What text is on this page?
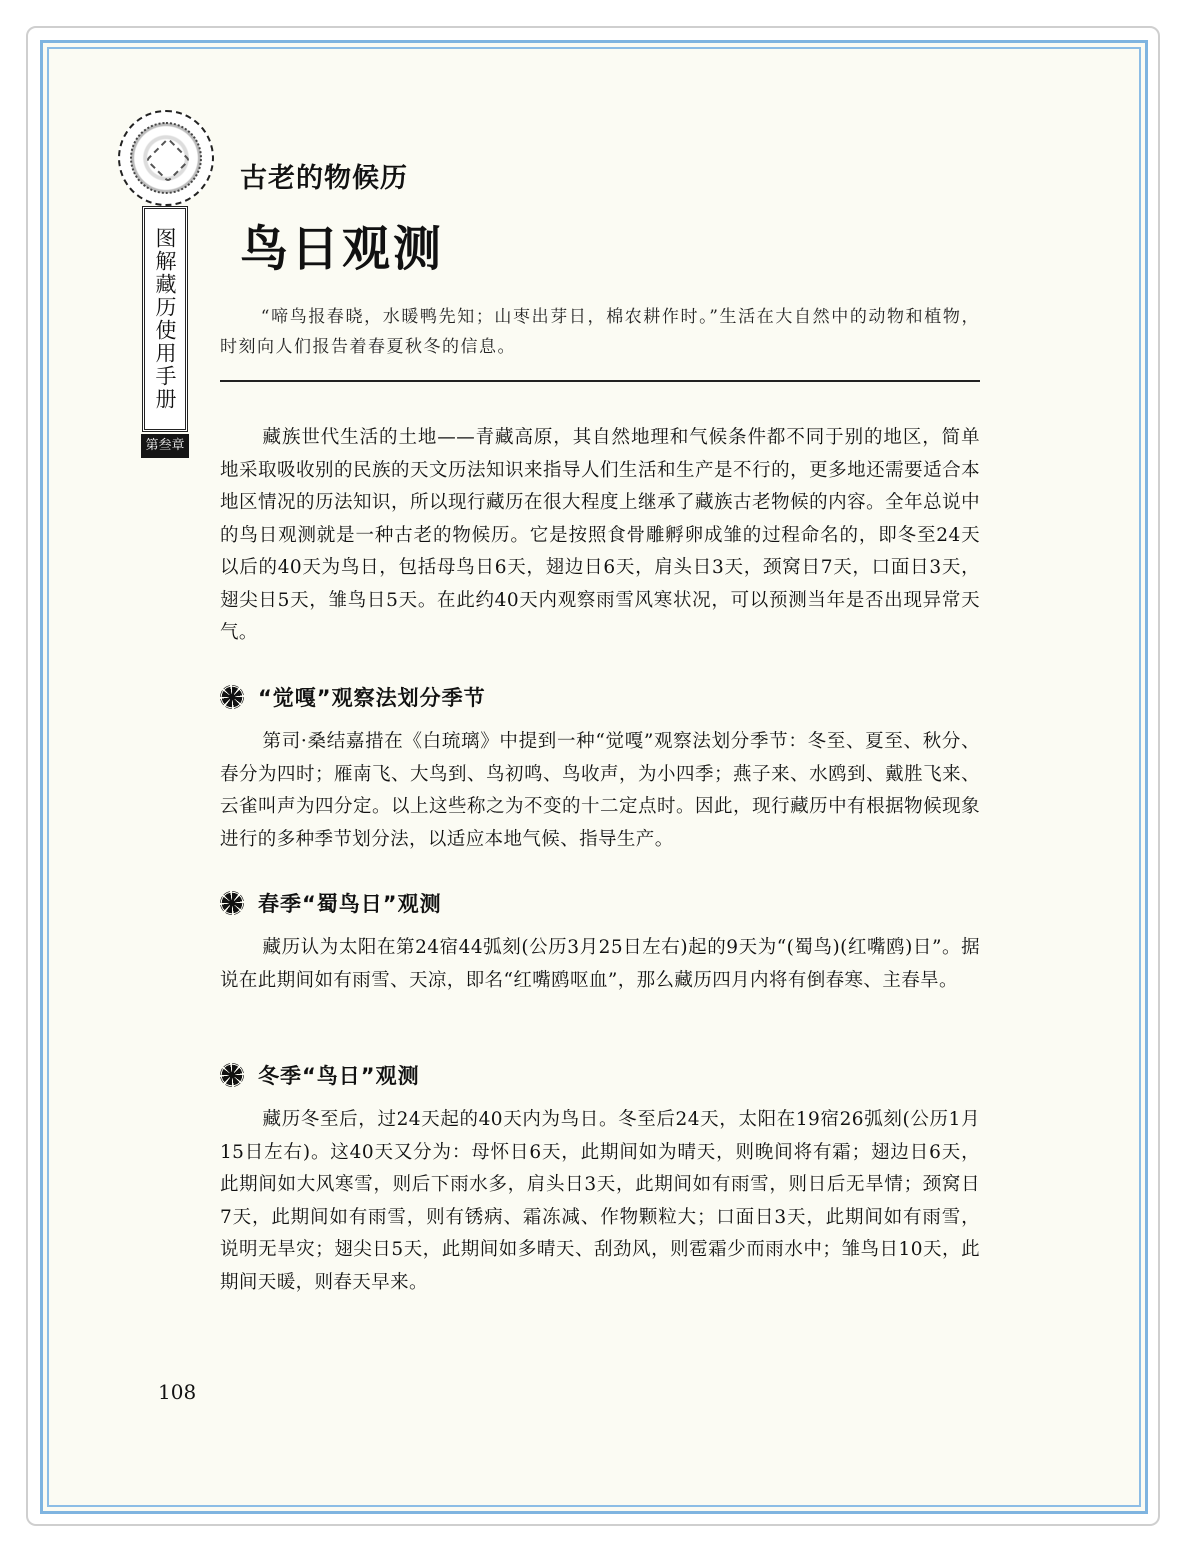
图解藏历使用手册
第叁章
古老的物候历
鸟日观测
“啼鸟报春晓，水暖鸭先知；山枣出芽日，棉农耕作时。”生活在大自然中的动物和植物，时刻向人们报告着春夏秋冬的信息。
藏族世代生活的土地——青藏高原，其自然地理和气候条件都不同于别的地区，简单地采取吸收别的民族的天文历法知识来指导人们生活和生产是不行的，更多地还需要适合本地区情况的历法知识，所以现行藏历在很大程度上继承了藏族古老物候的内容。全年总说中的鸟日观测就是一种古老的物候历。它是按照食骨雕孵卵成雏的过程命名的，即冬至24天以后的40天为鸟日，包括母鸟日6天，翅边日6天，肩头日3天，颈窝日7天，口面日3天，翅尖日5天，雏鸟日5天。在此约40天内观察雨雪风寒状况，可以预测当年是否出现异常天气。
“觉嘎”观察法划分季节
第司·桑结嘉措在《白琉璃》中提到一种“觉嘎”观察法划分季节：冬至、夏至、秋分、春分为四时；雁南飞、大鸟到、鸟初鸣、鸟收声，为小四季；燕子来、水鸥到、戴胜飞来、云雀叫声为四分定。以上这些称之为不变的十二定点时。因此，现行藏历中有根据物候现象进行的多种季节划分法，以适应本地气候、指导生产。
春季“蜀鸟日”观测
藏历认为太阳在第24宿44弧刻(公历3月25日左右)起的9天为“(蜀鸟)(红嘴鸥)日”。据说在此期间如有雨雪、天凉，即名“红嘴鸥呕血”，那么藏历四月内将有倒春寒、主春旱。
冬季“鸟日”观测
藏历冬至后，过24天起的40天内为鸟日。冬至后24天，太阳在19宿26弧刻(公历1月15日左右)。这40天又分为：母怀日6天，此期间如为晴天，则晚间将有霜；翅边日6天，此期间如大风寒雪，则后下雨水多，肩头日3天，此期间如有雨雪，则日后无旱情；颈窝日7天，此期间如有雨雪，则有锈病、霜冻减、作物颗粒大；口面日3天，此期间如有雨雪，说明无旱灾；翅尖日5天，此期间如多晴天、刮劲风，则雹霜少而雨水中；雏鸟日10天，此期间天暖，则春天早来。
108
